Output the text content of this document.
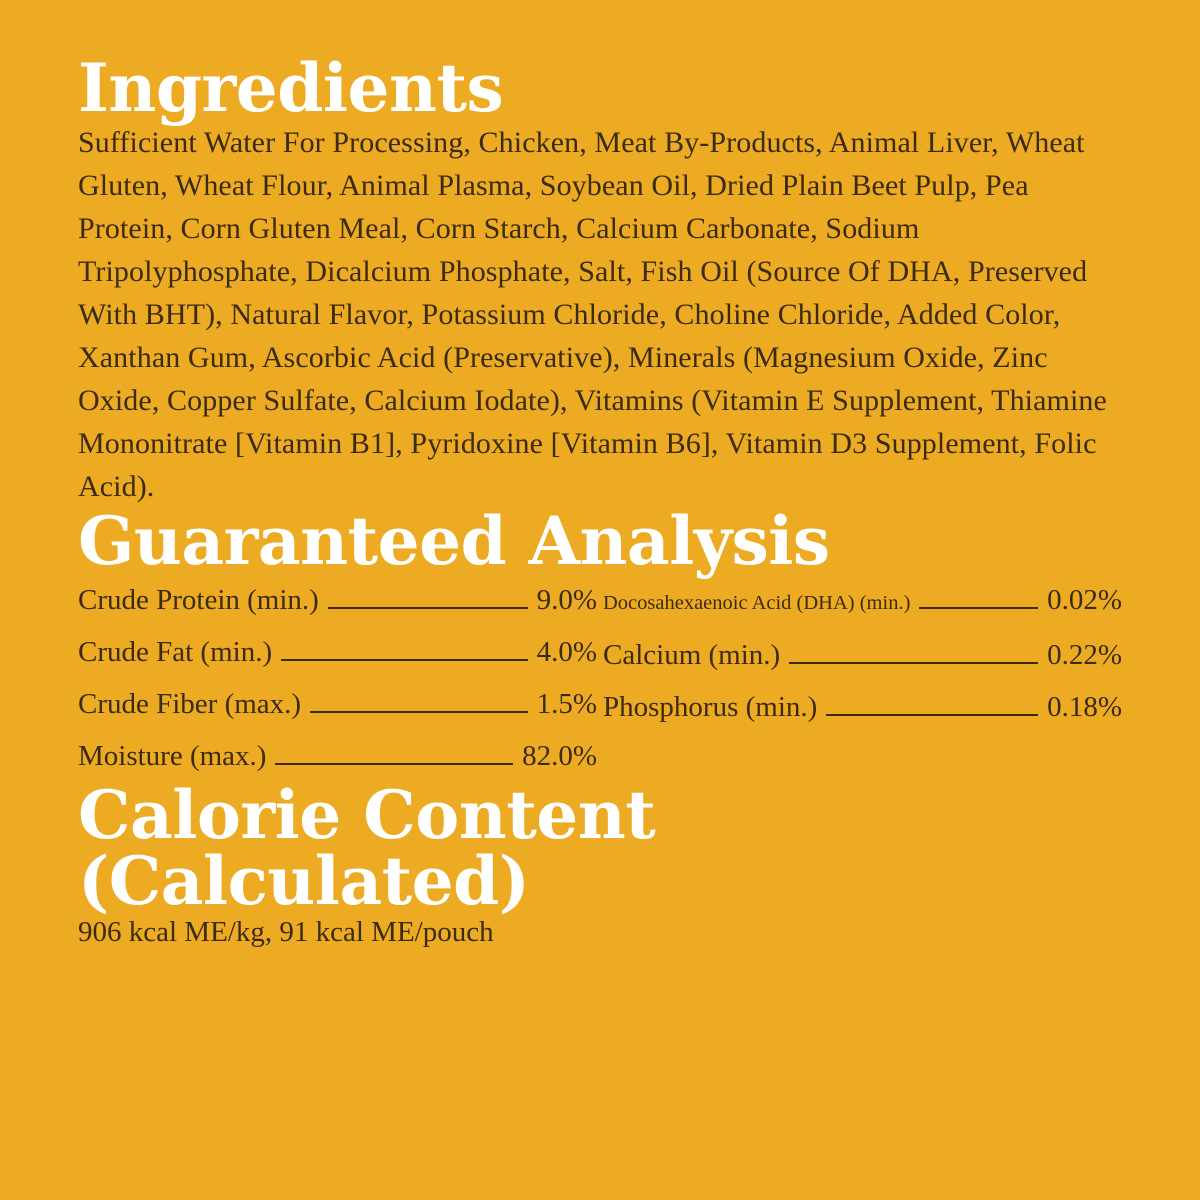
Ingredients
Sufficient Water For Processing, Chicken, Meat By-Products, Animal Liver, Wheat Gluten, Wheat Flour, Animal Plasma, Soybean Oil, Dried Plain Beet Pulp, Pea Protein, Corn Gluten Meal, Corn Starch, Calcium Carbonate, Sodium Tripolyphosphate, Dicalcium Phosphate, Salt, Fish Oil (Source Of DHA, Preserved With BHT), Natural Flavor, Potassium Chloride, Choline Chloride, Added Color, Xanthan Gum, Ascorbic Acid (Preservative), Minerals (Magnesium Oxide, Zinc Oxide, Copper Sulfate, Calcium Iodate), Vitamins (Vitamin E Supplement, Thiamine Mononitrate [Vitamin B1], Pyridoxine [Vitamin B6], Vitamin D3 Supplement, Folic Acid).
Guaranteed Analysis
Crude Protein (min.)	9.0%
Crude Fat (min.)	4.0%
Crude Fiber (max.)	1.5%
Moisture (max.)	82.0%
Docosahexaenoic Acid (DHA) (min.)	0.02%
Calcium (min.)	0.22%
Phosphorus (min.)	0.18%
Calorie Content (Calculated)
906 kcal ME/kg, 91 kcal ME/pouch
